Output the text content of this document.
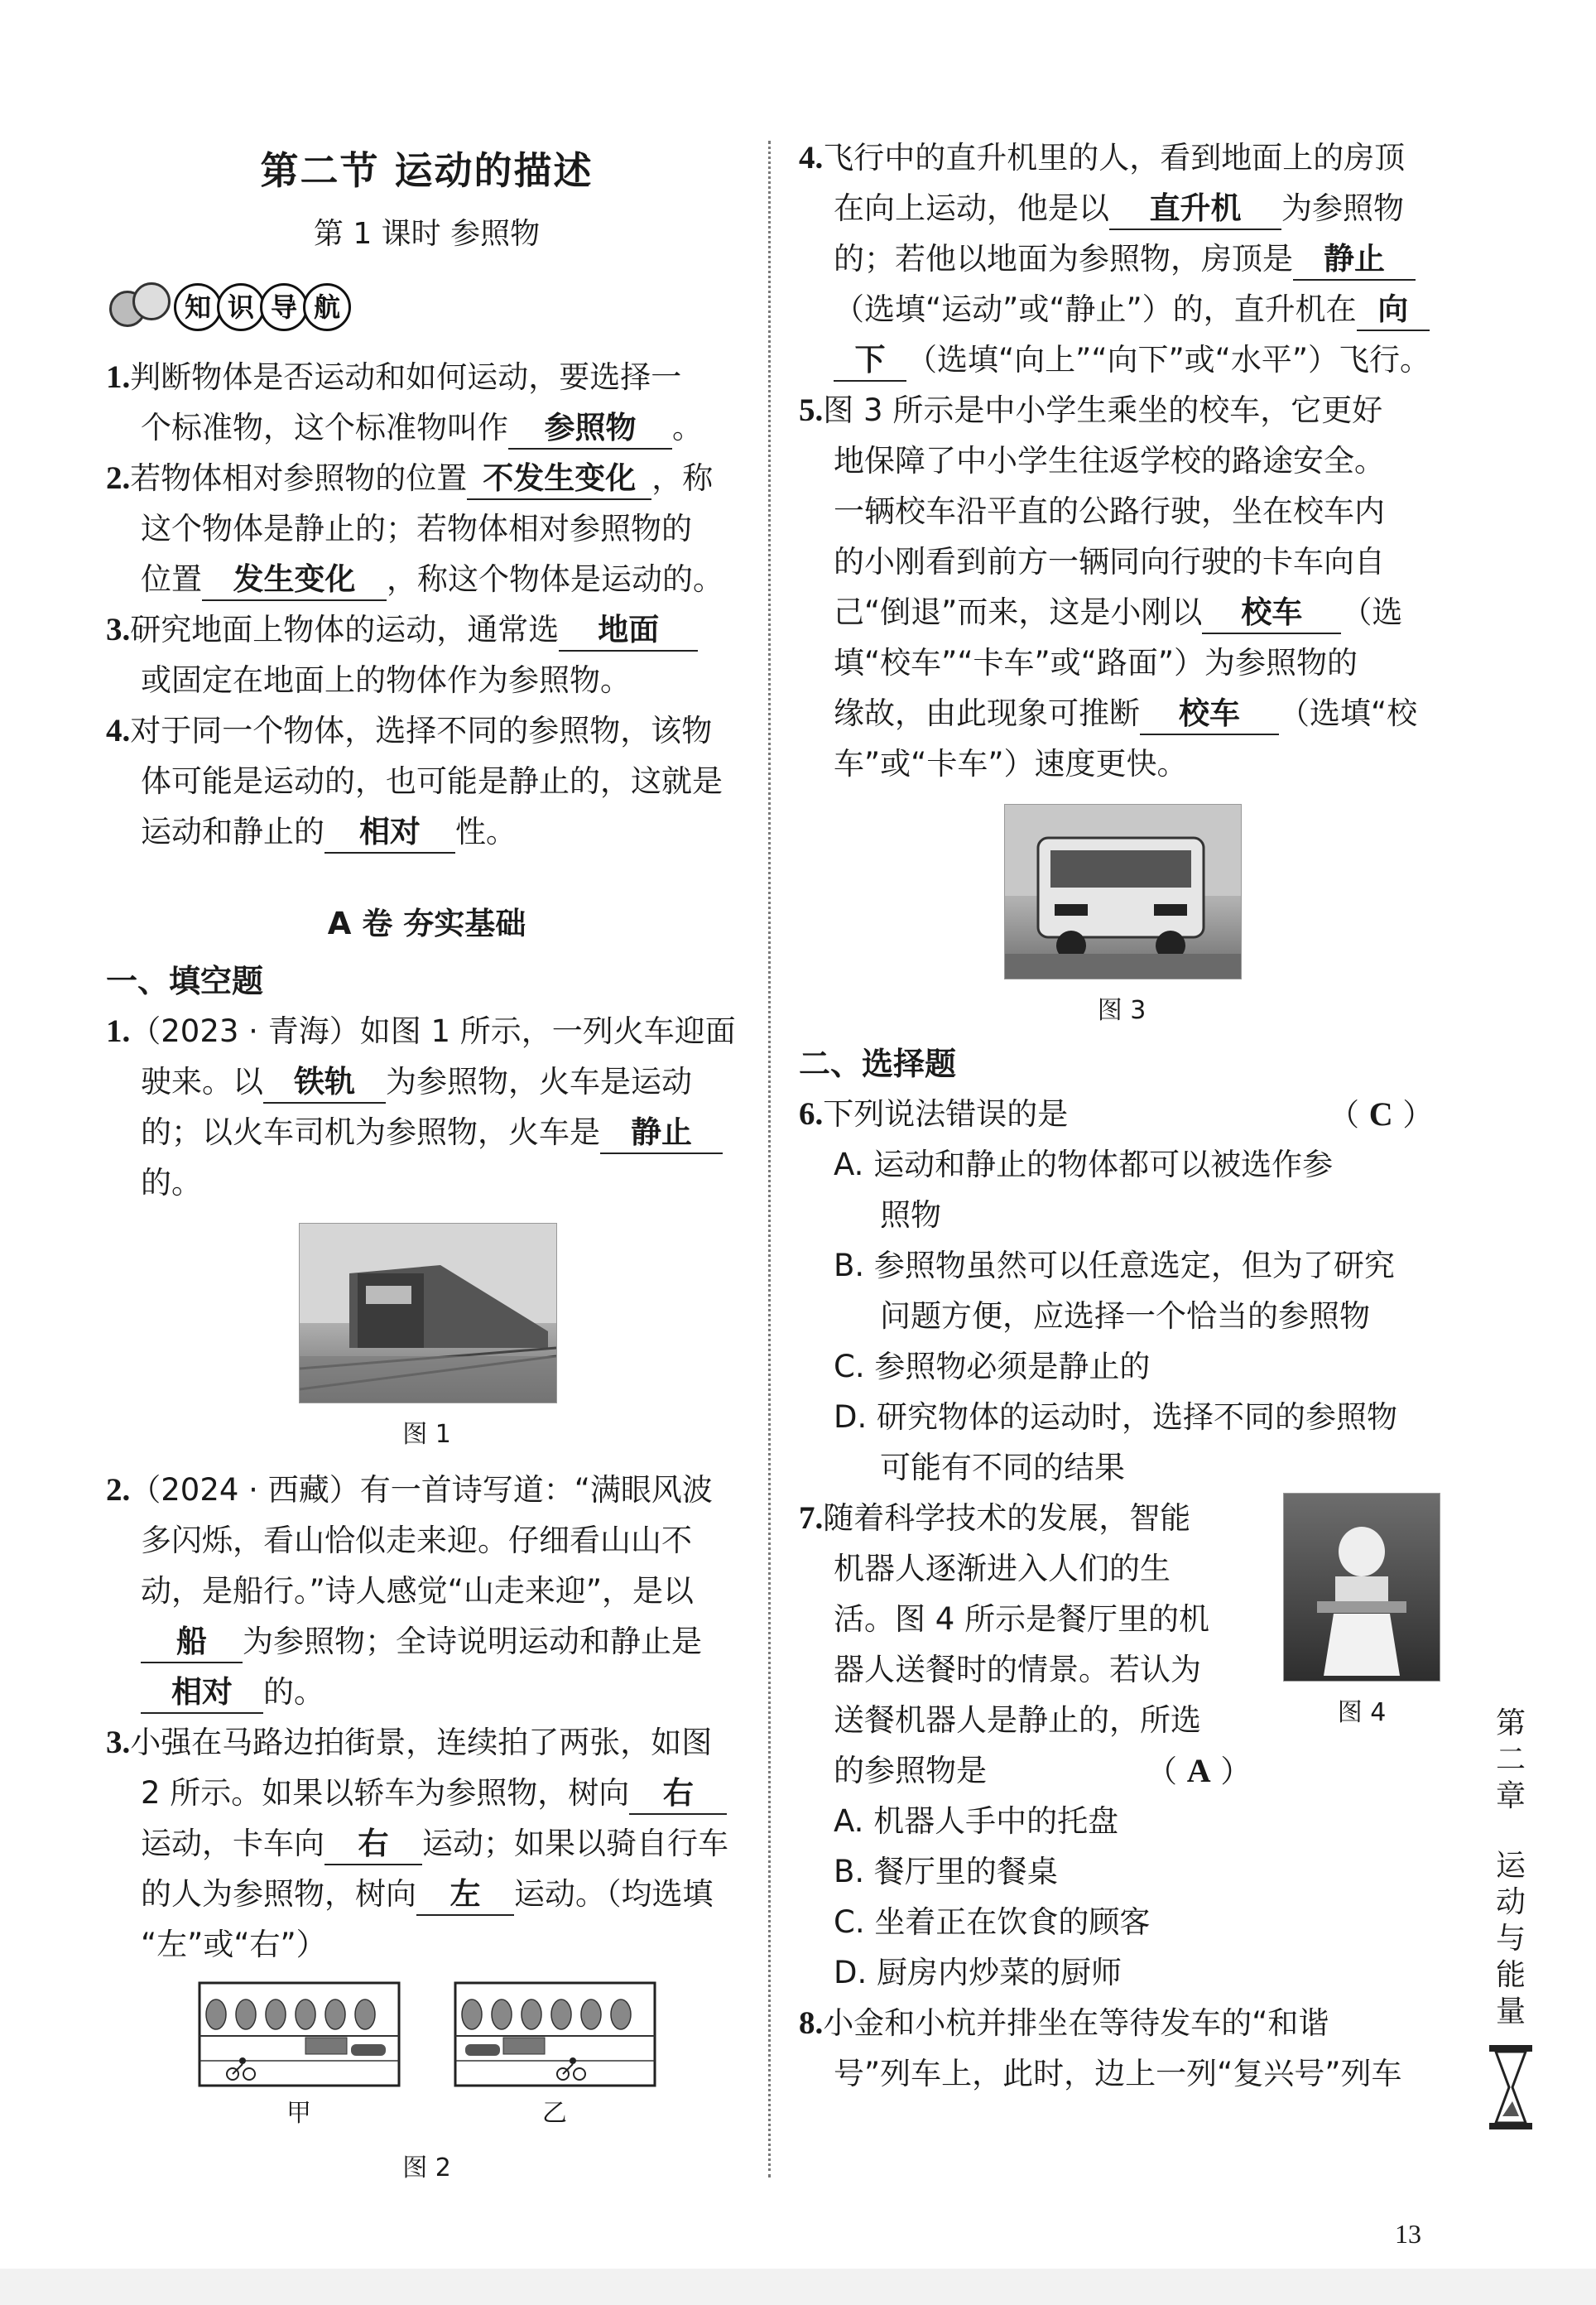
第二节 运动的描述
第 1 课时 参照物
知 识 导 航
1.判断物体是否运动和如何运动，要选择一
个标准物，这个标准物叫作 参照物 。
2.若物体相对参照物的位置 不发生变化 ，称
这个物体是静止的；若物体相对参照物的
位置 发生变化 ，称这个物体是运动的。
3.研究地面上物体的运动，通常选 地面
或固定在地面上的物体作为参照物。
4.对于同一个物体，选择不同的参照物，该物
体可能是运动的，也可能是静止的，这就是
运动和静止的 相对 性。
A 卷 夯实基础
一、填空题
1.（2023 · 青海）如图 1 所示，一列火车迎面
驶来。以 铁轨 为参照物，火车是运动
的；以火车司机为参照物，火车是 静止
的。
图 1
2.（2024 · 西藏）有一首诗写道：“满眼风波
多闪烁，看山恰似走来迎。仔细看山山不
动，是船行。”诗人感觉“山走来迎”，是以
船 为参照物；全诗说明运动和静止是
相对 的。
3.小强在马路边拍街景，连续拍了两张，如图
2 所示。如果以轿车为参照物，树向 右
运动，卡车向 右 运动；如果以骑自行车
的人为参照物，树向 左 运动。（均选填
“左”或“右”）
甲	乙
图 2
4.飞行中的直升机里的人，看到地面上的房顶
在向上运动，他是以 直升机 为参照物
的；若他以地面为参照物，房顶是 静止
（选填“运动”或“静止”）的，直升机在 向
下 （选填“向上”“向下”或“水平”）飞行。
5.图 3 所示是中小学生乘坐的校车，它更好
地保障了中小学生往返学校的路途安全。
一辆校车沿平直的公路行驶，坐在校车内
的小刚看到前方一辆同向行驶的卡车向自
己“倒退”而来，这是小刚以 校车 （选
填“校车”“卡车”或“路面”）为参照物的
缘故，由此现象可推断 校车 （选填“校
车”或“卡车”）速度更快。
图 3
二、选择题
6.下列说法错误的是	（ C ）
A. 运动和静止的物体都可以被选作参
照物
B. 参照物虽然可以任意选定，但为了研究
问题方便，应选择一个恰当的参照物
C. 参照物必须是静止的
D. 研究物体的运动时，选择不同的参照物
可能有不同的结果
7.随着科学技术的发展，智能
机器人逐渐进入人们的生
活。图 4 所示是餐厅里的机
器人送餐时的情景。若认为
送餐机器人是静止的，所选
的参照物是	（ A ）
图 4
A. 机器人手中的托盘
B. 餐厅里的餐桌
C. 坐着正在饮食的顾客
D. 厨房内炒菜的厨师
8.小金和小杭并排坐在等待发车的“和谐
号”列车上，此时，边上一列“复兴号”列车
第
二
章
运
动
与
能
量
13
